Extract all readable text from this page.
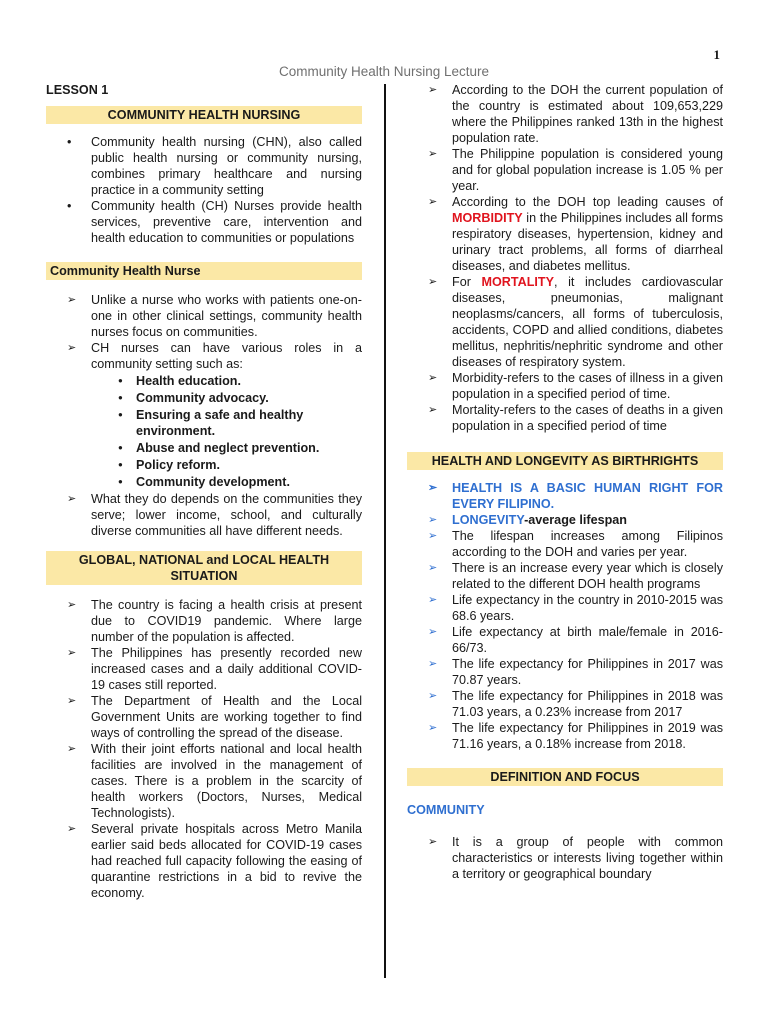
1
Community Health Nursing Lecture
LESSON 1
COMMUNITY HEALTH NURSING
• Community health nursing (CHN), also called public health nursing or community nursing, combines primary healthcare and nursing practice in a community setting
• Community health (CH) Nurses provide health services, preventive care, intervention and health education to communities or populations
Community Health Nurse
➢ Unlike a nurse who works with patients one-on-one in other clinical settings, community health nurses focus on communities.
➢ CH nurses can have various roles in a community setting such as:
● Health education.
● Community advocacy.
● Ensuring a safe and healthy environment.
● Abuse and neglect prevention.
● Policy reform.
● Community development.
➢ What they do depends on the communities they serve; lower income, school, and culturally diverse communities all have different needs.
GLOBAL, NATIONAL and LOCAL HEALTH SITUATION
➢ The country is facing a health crisis at present due to COVID19 pandemic. Where large number of the population is affected.
➢ The Philippines has presently recorded new increased cases and a daily additional COVID-19 cases still reported.
➢ The Department of Health and the Local Government Units are working together to find ways of controlling the spread of the disease.
➢ With their joint efforts national and local health facilities are involved in the management of cases. There is a problem in the scarcity of health workers (Doctors, Nurses, Medical Technologists).
➢ Several private hospitals across Metro Manila earlier said beds allocated for COVID-19 cases had reached full capacity following the easing of quarantine restrictions in a bid to revive the economy.
➢ According to the DOH the current population of the country is estimated about 109,653,229 where the Philippines ranked 13th in the highest population rate.
➢ The Philippine population is considered young and for global population increase is 1.05 % per year.
➢ According to the DOH top leading causes of MORBIDITY in the Philippines includes all forms respiratory diseases, hypertension, kidney and urinary tract problems, all forms of diarrheal diseases, and diabetes mellitus.
➢ For MORTALITY, it includes cardiovascular diseases, pneumonias, malignant neoplasms/cancers, all forms of tuberculosis, accidents, COPD and allied conditions, diabetes mellitus, nephritis/nephritic syndrome and other diseases of respiratory system.
➢ Morbidity-refers to the cases of illness in a given population in a specified period of time.
➢ Mortality-refers to the cases of deaths in a given population in a specified period of time
HEALTH AND LONGEVITY AS BIRTHRIGHTS
➢ HEALTH IS A BASIC HUMAN RIGHT FOR EVERY FILIPINO.
➢ LONGEVITY-average lifespan
➢ The lifespan increases among Filipinos according to the DOH and varies per year.
➢ There is an increase every year which is closely related to the different DOH health programs
➢ Life expectancy in the country in 2010-2015 was 68.6 years.
➢ Life expectancy at birth male/female in 2016- 66/73.
➢ The life expectancy for Philippines in 2017 was 70.87 years.
➢ The life expectancy for Philippines in 2018 was 71.03 years, a 0.23% increase from 2017
➢ The life expectancy for Philippines in 2019 was 71.16 years, a 0.18% increase from 2018.
DEFINITION AND FOCUS
COMMUNITY
➢ It is a group of people with common characteristics or interests living together within a territory or geographical boundary
